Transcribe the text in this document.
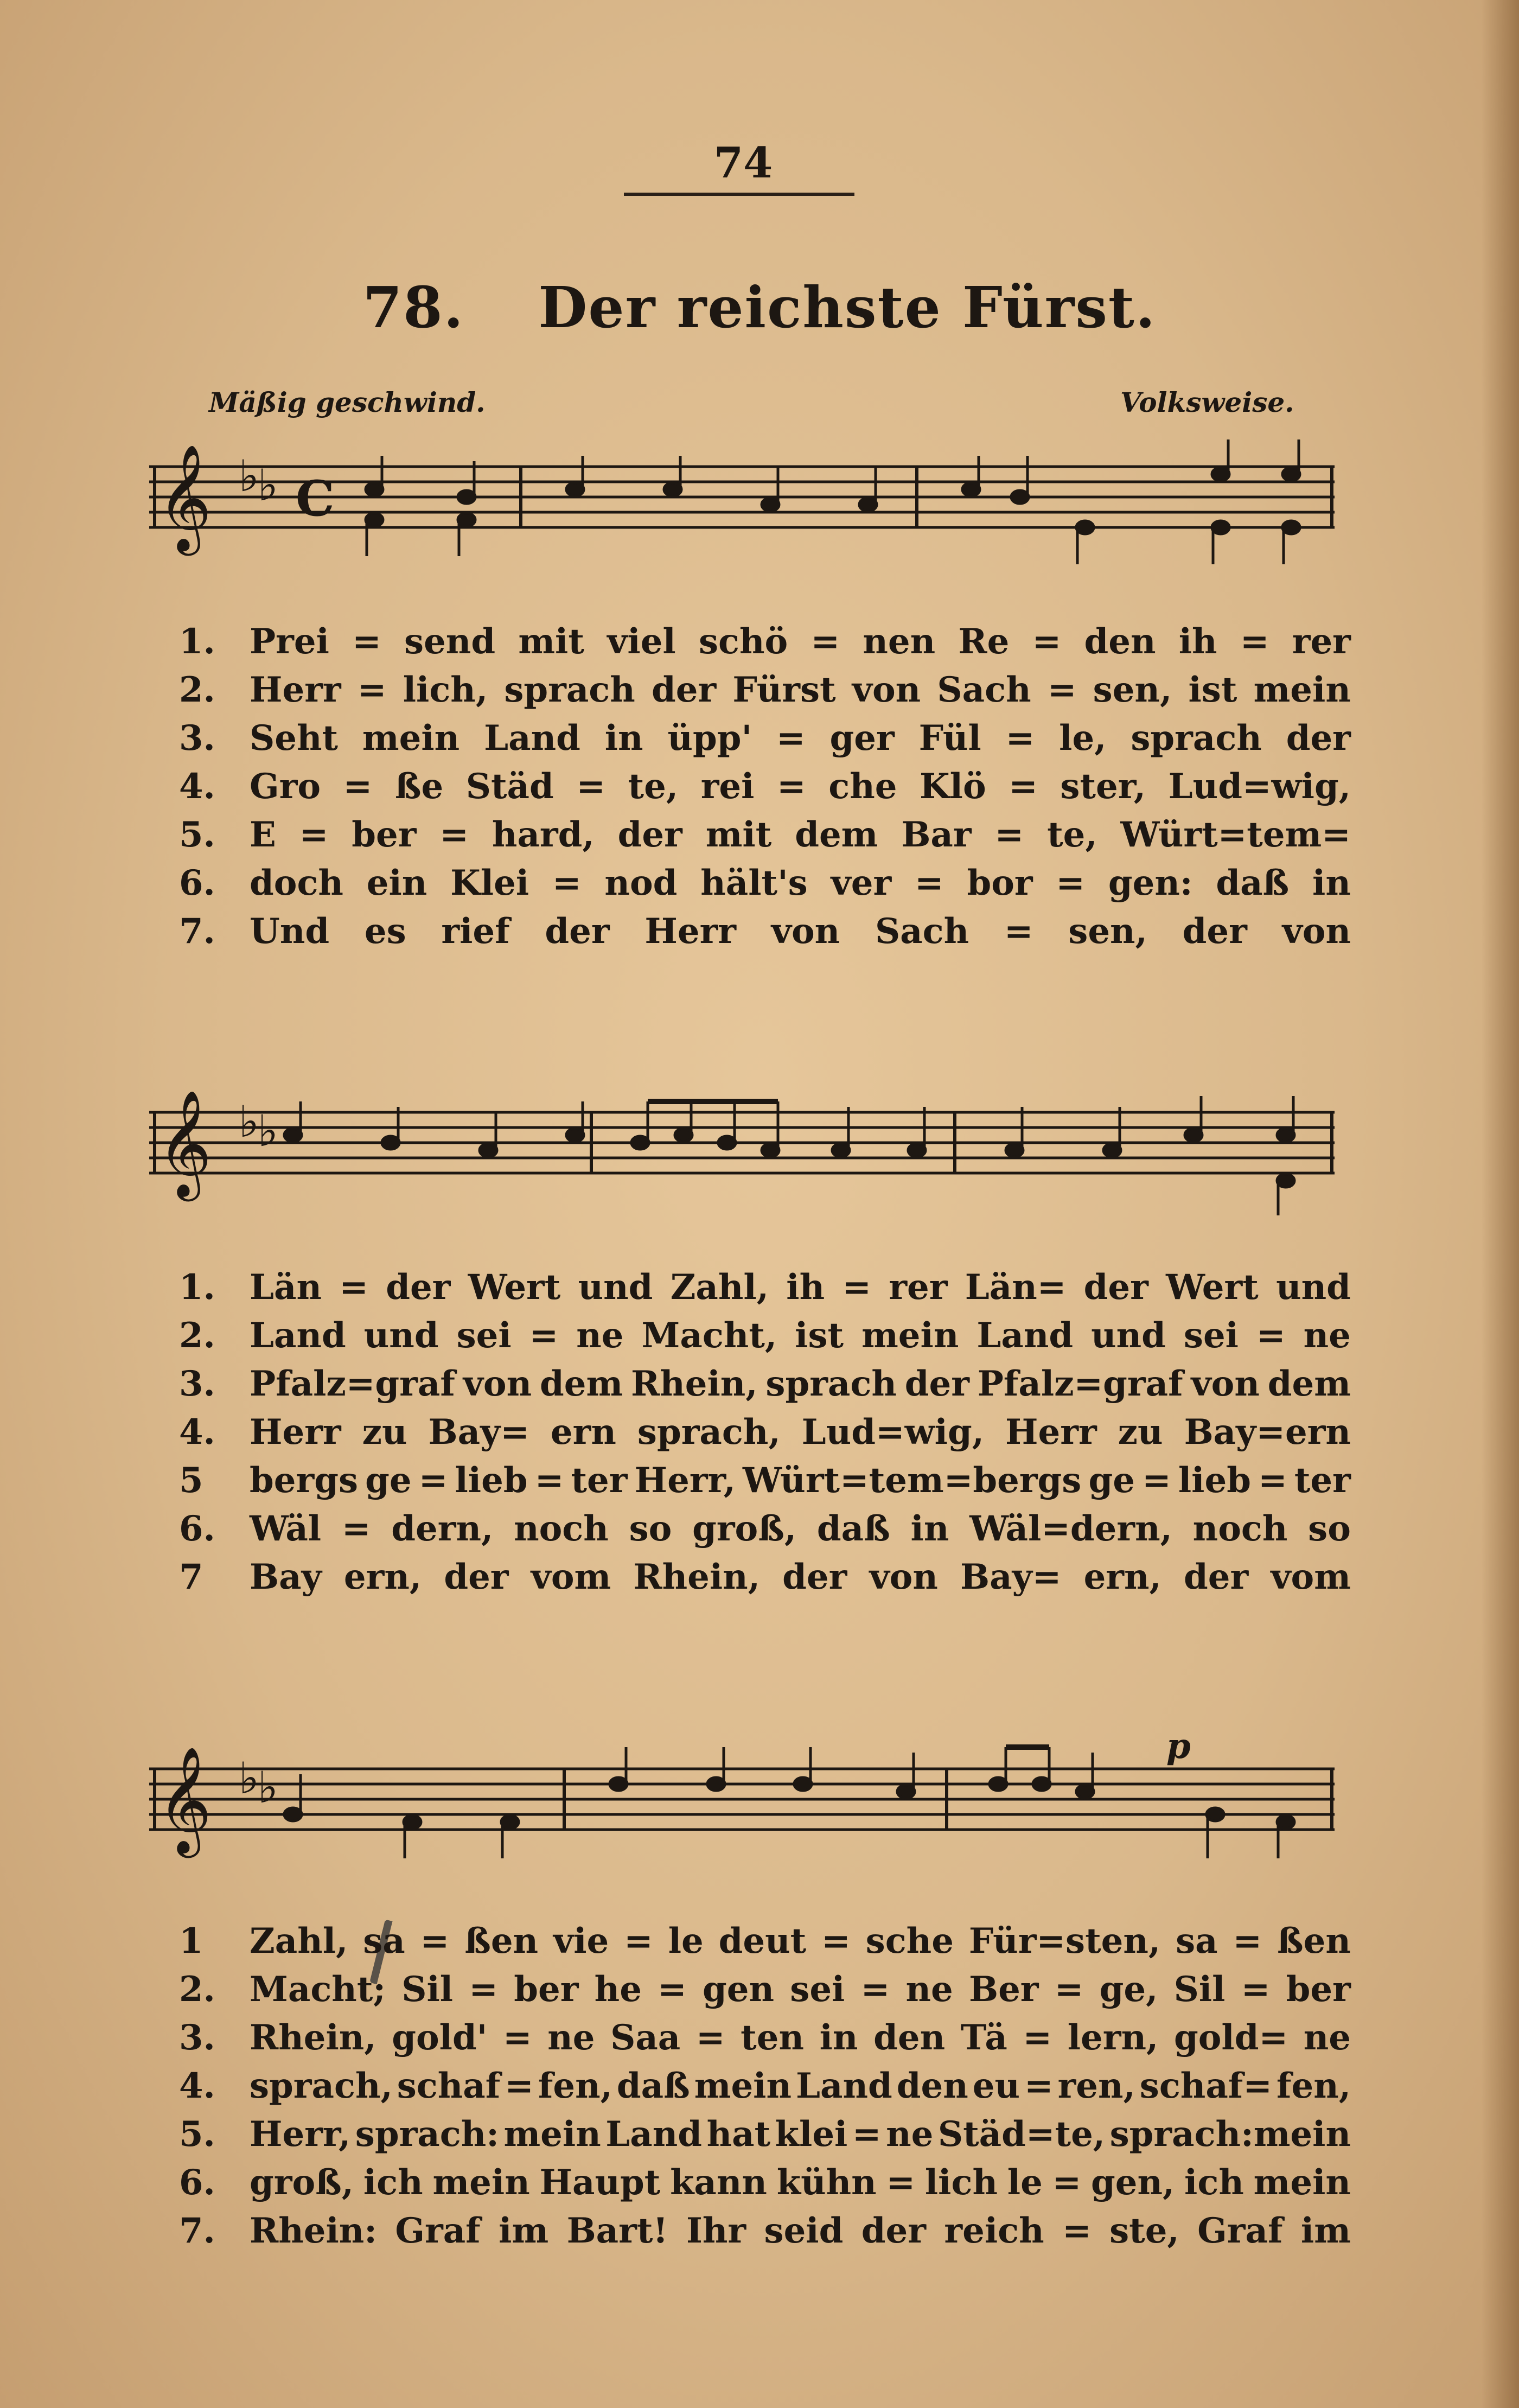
74
78. Der reichste Fürst.
Mäßig geschwind.	Volksweise.
𝄞 ♭
♭ C
1. Prei = send mit viel schö = nen Re = den ih = rer
2. Herr = lich, sprach der Fürst von Sach = sen, ist mein
3. Seht mein Land in üpp' = ger Fül = le, sprach der
4. Gro = ße Städ = te, rei = che Klö = ster, Lud=wig,
5. E = ber = hard, der mit dem Bar = te, Würt=tem=
6. doch ein Klei = nod hält's ver = bor = gen: daß in
7. Und es rief der Herr von Sach = sen, der von
𝄞 ♭
♭
1. Län = der Wert und Zahl, ih = rer Län= der Wert und
2. Land und sei = ne Macht, ist mein Land und sei = ne
3. Pfalz=graf von dem Rhein, sprach der Pfalz=graf von dem
4. Herr zu Bay= ern sprach, Lud=wig, Herr zu Bay=ern
5	bergs ge = lieb = ter Herr, Würt=tem=bergs ge = lieb = ter
6. Wäl = dern, noch so groß, daß in Wäl=dern, noch so
7	Bay ern, der vom Rhein, der von Bay= ern, der vom
𝄞 ♭
♭
p
1	Zahl, sa = ßen vie = le deut = sche Für=sten, sa = ßen
2. Macht; Sil = ber he = gen sei = ne Ber = ge, Sil = ber
3. Rhein, gold' = ne Saa = ten in den Tä = lern, gold= ne
4. sprach, schaf = fen, daß mein Land den eu = ren, schaf= fen,
5. Herr, sprach: mein Land hat klei = ne Städ=te, sprach:mein
6. groß, ich mein Haupt kann kühn = lich le = gen, ich mein
7. Rhein: Graf im Bart! Ihr seid der reich = ste, Graf im
